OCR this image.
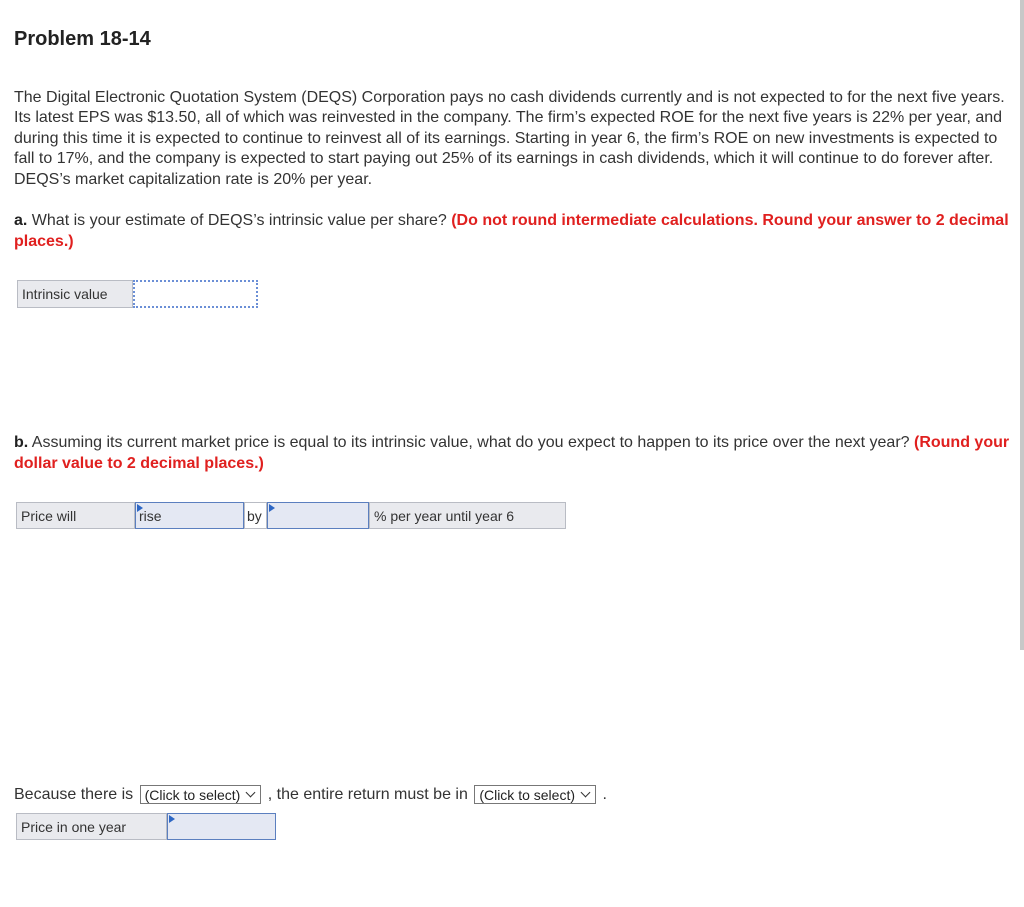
Problem 18-14
The Digital Electronic Quotation System (DEQS) Corporation pays no cash dividends currently and is not expected to for the next five years. Its latest EPS was $13.50, all of which was reinvested in the company. The firm’s expected ROE for the next five years is 22% per year, and during this time it is expected to continue to reinvest all of its earnings. Starting in year 6, the firm’s ROE on new investments is expected to fall to 17%, and the company is expected to start paying out 25% of its earnings in cash dividends, which it will continue to do forever after. DEQS’s market capitalization rate is 20% per year.
a. What is your estimate of DEQS’s intrinsic value per share? (Do not round intermediate calculations. Round your answer to 2 decimal places.)
Intrinsic value
b. Assuming its current market price is equal to its intrinsic value, what do you expect to happen to its price over the next year? (Round your dollar value to 2 decimal places.)
Price will	rise	by	% per year until year 6
Because there is (Click to select) , the entire return must be in (Click to select) .
Price in one year
